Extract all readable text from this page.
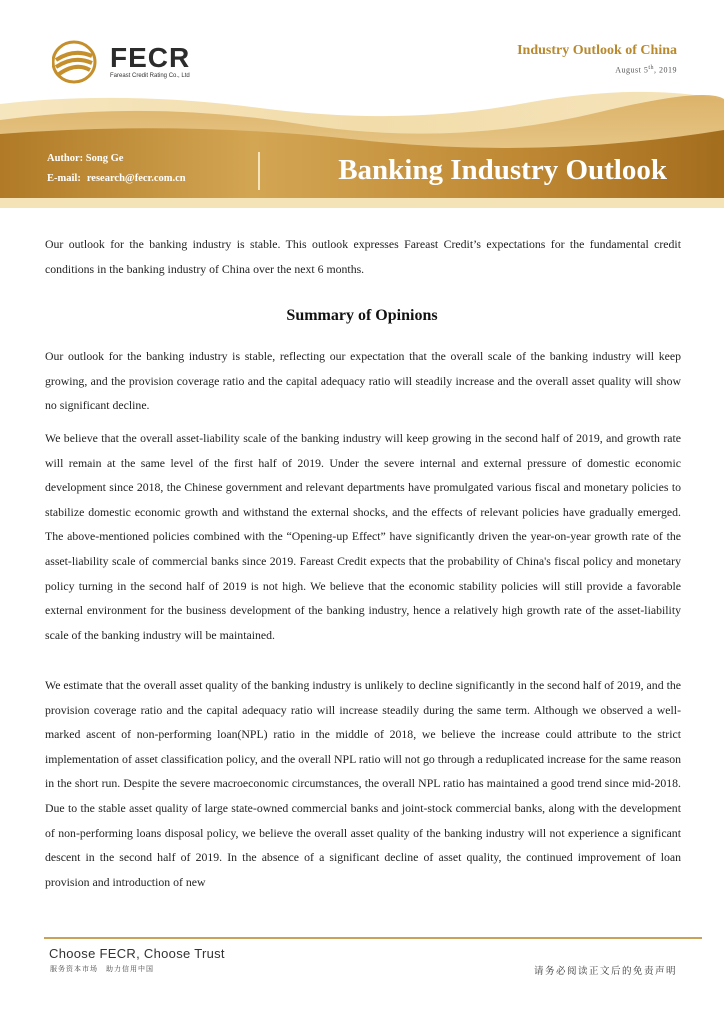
FECR
Fareast Credit Rating Co., Ltd
Industry Outlook of China
August 5th, 2019
Author: Song Ge
E-mail: research@fecr.com.cn	Banking Industry Outlook

Our outlook for the banking industry is stable. This outlook expresses Fareast Credit’s expectations for the fundamental credit conditions in the banking industry of China over the next 6 months.

Summary of Opinions

Our outlook for the banking industry is stable, reflecting our expectation that the overall scale of the banking industry will keep growing, and the provision coverage ratio and the capital adequacy ratio will steadily increase and the overall asset quality will show no significant decline.

We believe that the overall asset-liability scale of the banking industry will keep growing in the second half of 2019, and growth rate will remain at the same level of the first half of 2019. Under the severe internal and external pressure of domestic economic development since 2018, the Chinese government and relevant departments have promulgated various fiscal and monetary policies to stabilize domestic economic growth and withstand the external shocks, and the effects of relevant policies have gradually emerged. The above-mentioned policies combined with the “Opening-up Effect” have significantly driven the year-on-year growth rate of the asset-liability scale of commercial banks since 2019. Fareast Credit expects that the probability of China's fiscal policy and monetary policy turning in the second half of 2019 is not high. We believe that the economic stability policies will still provide a favorable external environment for the business development of the banking industry, hence a relatively high growth rate of the asset-liability scale of the banking industry will be maintained.

We estimate that the overall asset quality of the banking industry is unlikely to decline significantly in the second half of 2019, and the provision coverage ratio and the capital adequacy ratio will increase steadily during the same term. Although we observed a well-marked ascent of non-performing loan(NPL) ratio in the middle of 2018, we believe the increase could attribute to the strict implementation of asset classification policy, and the overall NPL ratio will not go through a reduplicated increase for the same reason in the short run. Despite the severe macroeconomic circumstances, the overall NPL ratio has maintained a good trend since mid-2018. Due to the stable asset quality of large state-owned commercial banks and joint-stock commercial banks, along with the development of non-performing loans disposal policy, we believe the overall asset quality of the banking industry will not experience a significant descent in the second half of 2019. In the absence of a significant decline of asset quality, the continued improvement of loan provision and introduction of new

Choose FECR, Choose Trust
服务资本市场　助力信用中国	请务必阅读正文后的免责声明
